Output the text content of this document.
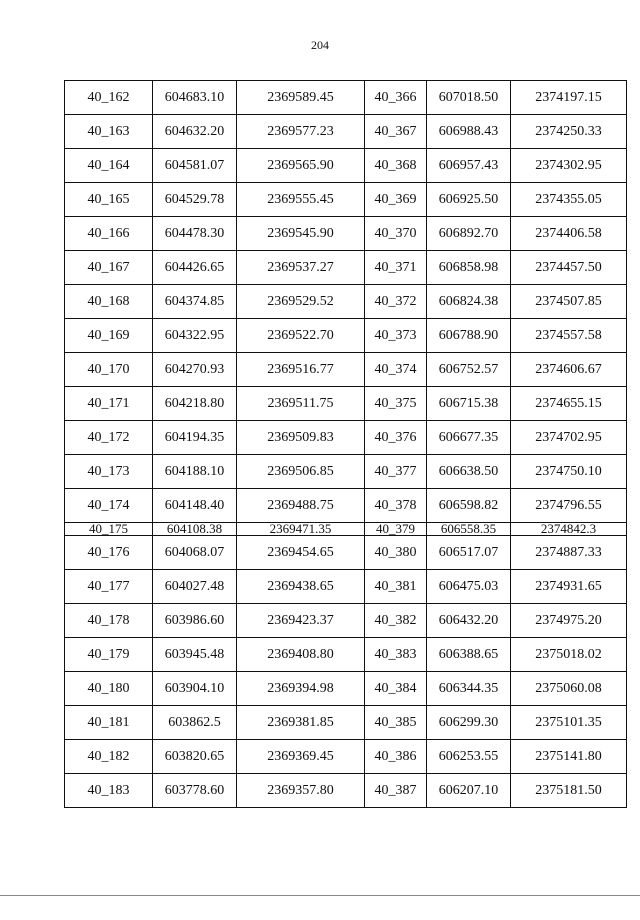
204
40_162	604683.10	2369589.45	40_366	607018.50	2374197.15
40_163	604632.20	2369577.23	40_367	606988.43	2374250.33
40_164	604581.07	2369565.90	40_368	606957.43	2374302.95
40_165	604529.78	2369555.45	40_369	606925.50	2374355.05
40_166	604478.30	2369545.90	40_370	606892.70	2374406.58
40_167	604426.65	2369537.27	40_371	606858.98	2374457.50
40_168	604374.85	2369529.52	40_372	606824.38	2374507.85
40_169	604322.95	2369522.70	40_373	606788.90	2374557.58
40_170	604270.93	2369516.77	40_374	606752.57	2374606.67
40_171	604218.80	2369511.75	40_375	606715.38	2374655.15
40_172	604194.35	2369509.83	40_376	606677.35	2374702.95
40_173	604188.10	2369506.85	40_377	606638.50	2374750.10
40_174	604148.40	2369488.75	40_378	606598.82	2374796.55
40_175	604108.38	2369471.35	40_379	606558.35	2374842.3
40_176	604068.07	2369454.65	40_380	606517.07	2374887.33
40_177	604027.48	2369438.65	40_381	606475.03	2374931.65
40_178	603986.60	2369423.37	40_382	606432.20	2374975.20
40_179	603945.48	2369408.80	40_383	606388.65	2375018.02
40_180	603904.10	2369394.98	40_384	606344.35	2375060.08
40_181	603862.5	2369381.85	40_385	606299.30	2375101.35
40_182	603820.65	2369369.45	40_386	606253.55	2375141.80
40_183	603778.60	2369357.80	40_387	606207.10	2375181.50
